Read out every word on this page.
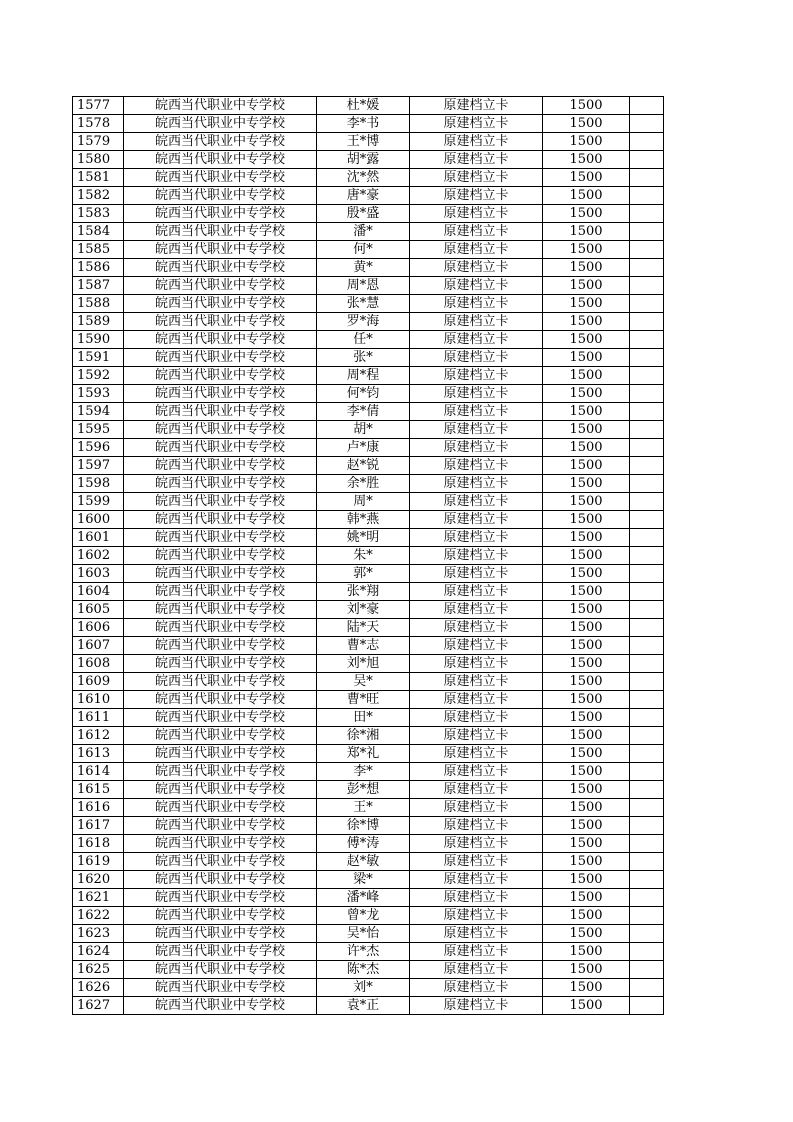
1577	皖西当代职业中专学校	杜*媛	原建档立卡	1500	
1578	皖西当代职业中专学校	李*书	原建档立卡	1500	
1579	皖西当代职业中专学校	王*博	原建档立卡	1500	
1580	皖西当代职业中专学校	胡*露	原建档立卡	1500	
1581	皖西当代职业中专学校	沈*然	原建档立卡	1500	
1582	皖西当代职业中专学校	唐*豪	原建档立卡	1500	
1583	皖西当代职业中专学校	殷*盛	原建档立卡	1500	
1584	皖西当代职业中专学校	潘*	原建档立卡	1500	
1585	皖西当代职业中专学校	何*	原建档立卡	1500	
1586	皖西当代职业中专学校	黄*	原建档立卡	1500	
1587	皖西当代职业中专学校	周*恩	原建档立卡	1500	
1588	皖西当代职业中专学校	张*慧	原建档立卡	1500	
1589	皖西当代职业中专学校	罗*海	原建档立卡	1500	
1590	皖西当代职业中专学校	任*	原建档立卡	1500	
1591	皖西当代职业中专学校	张*	原建档立卡	1500	
1592	皖西当代职业中专学校	周*程	原建档立卡	1500	
1593	皖西当代职业中专学校	何*钧	原建档立卡	1500	
1594	皖西当代职业中专学校	李*倩	原建档立卡	1500	
1595	皖西当代职业中专学校	胡*	原建档立卡	1500	
1596	皖西当代职业中专学校	卢*康	原建档立卡	1500	
1597	皖西当代职业中专学校	赵*锐	原建档立卡	1500	
1598	皖西当代职业中专学校	余*胜	原建档立卡	1500	
1599	皖西当代职业中专学校	周*	原建档立卡	1500	
1600	皖西当代职业中专学校	韩*燕	原建档立卡	1500	
1601	皖西当代职业中专学校	姚*明	原建档立卡	1500	
1602	皖西当代职业中专学校	朱*	原建档立卡	1500	
1603	皖西当代职业中专学校	郭*	原建档立卡	1500	
1604	皖西当代职业中专学校	张*翔	原建档立卡	1500	
1605	皖西当代职业中专学校	刘*豪	原建档立卡	1500	
1606	皖西当代职业中专学校	陆*天	原建档立卡	1500	
1607	皖西当代职业中专学校	曹*志	原建档立卡	1500	
1608	皖西当代职业中专学校	刘*旭	原建档立卡	1500	
1609	皖西当代职业中专学校	吴*	原建档立卡	1500	
1610	皖西当代职业中专学校	曹*旺	原建档立卡	1500	
1611	皖西当代职业中专学校	田*	原建档立卡	1500	
1612	皖西当代职业中专学校	徐*湘	原建档立卡	1500	
1613	皖西当代职业中专学校	郑*礼	原建档立卡	1500	
1614	皖西当代职业中专学校	李*	原建档立卡	1500	
1615	皖西当代职业中专学校	彭*想	原建档立卡	1500	
1616	皖西当代职业中专学校	王*	原建档立卡	1500	
1617	皖西当代职业中专学校	徐*博	原建档立卡	1500	
1618	皖西当代职业中专学校	傅*涛	原建档立卡	1500	
1619	皖西当代职业中专学校	赵*敏	原建档立卡	1500	
1620	皖西当代职业中专学校	梁*	原建档立卡	1500	
1621	皖西当代职业中专学校	潘*峰	原建档立卡	1500	
1622	皖西当代职业中专学校	曾*龙	原建档立卡	1500	
1623	皖西当代职业中专学校	吴*怡	原建档立卡	1500	
1624	皖西当代职业中专学校	许*杰	原建档立卡	1500	
1625	皖西当代职业中专学校	陈*杰	原建档立卡	1500	
1626	皖西当代职业中专学校	刘*	原建档立卡	1500	
1627	皖西当代职业中专学校	袁*正	原建档立卡	1500	
